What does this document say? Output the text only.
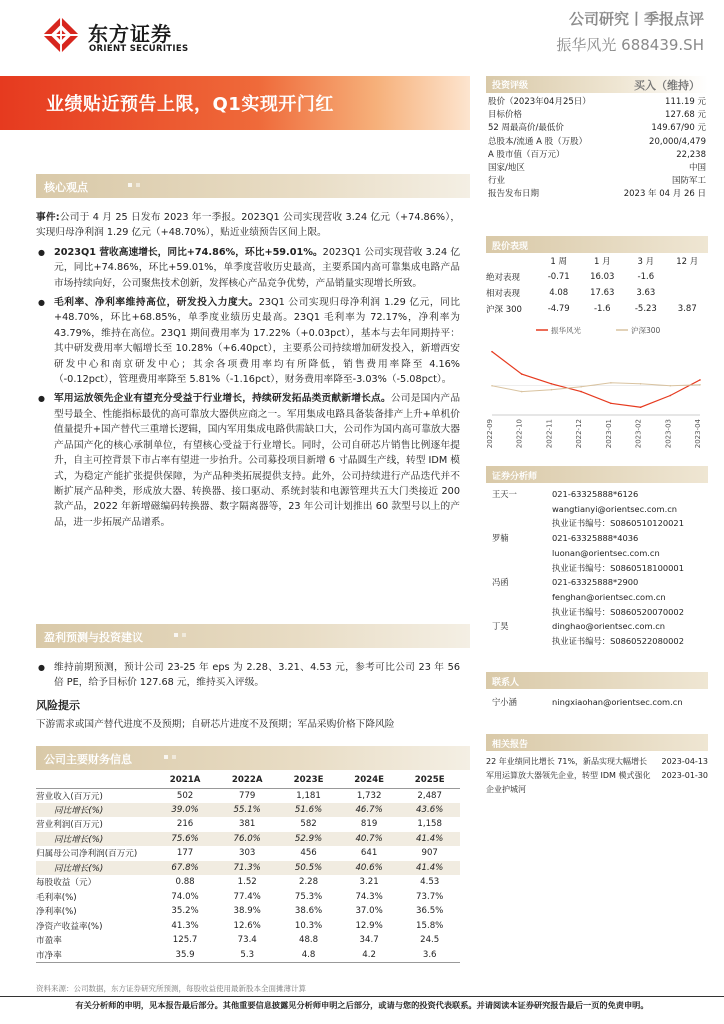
东方证券
ORIENT SECURITIES
公司研究丨季报点评
振华风光 688439.SH
业绩贴近预告上限，Q1实现开门红
核心观点

事件:公司于 4 月 25 日发布 2023 年一季报。2023Q1 公司实现营收 3.24 亿元（+74.86%），实现归母净利润 1.29 亿元（+48.70%），贴近业绩预告区间上限。

● 2023Q1 营收高速增长，同比+74.86%，环比+59.01%。2023Q1 公司实现营收 3.24 亿元，同比+74.86%，环比+59.01%，单季度营收历史最高，主要系国内高可靠集成电路产品市场持续向好，公司聚焦技术创新，发挥核心产品竞争优势，产品销量实现增长所致。

● 毛利率、净利率维持高位，研发投入力度大。23Q1 公司实现归母净利润 1.29 亿元，同比+48.70%，环比+68.85%，单季度业绩历史最高。23Q1 毛利率为 72.17%，净利率为 43.79%，维持在高位。23Q1 期间费用率为 17.22%（+0.03pct），基本与去年同期持平：其中研发费用率大幅增长至 10.28%（+6.40pct），主要系公司持续增加研发投入，新增西安研发中心和南京研发中心；其余各项费用率均有所降低，销售费用率降至 4.16%（-0.12pct），管理费用率降至 5.81%（-1.16pct），财务费用率降至-3.03%（-5.08pct）。

● 军用运放领先企业有望充分受益于行业增长，持续研发拓品类贡献新增长点。公司是国内产品型号最全、性能指标最优的高可靠放大器供应商之一。军用集成电路具备装备排产上升+单机价值量提升+国产替代三重增长逻辑，国内军用集成电路供需缺口大，公司作为国内高可靠放大器产品国产化的核心承制单位，有望核心受益于行业增长。同时，公司自研芯片销售比例逐年提升，自主可控背景下市占率有望进一步抬升。公司募投项目新增 6 寸晶圆生产线，转型 IDM 模式，为稳定产能扩张提供保障，为产品种类拓展提供支持。此外，公司持续进行产品迭代并不断扩展产品种类，形成放大器、转换器、接口驱动、系统封装和电源管理共五大门类接近 200 款产品，2022 年新增磁编码转换器、数字隔离器等，23 年公司计划推出 60 款型号以上的产品，进一步拓展产品谱系。

盈利预测与投资建议

● 维持前期预测，预计公司 23-25 年 eps 为 2.28、3.21、4.53 元，参考可比公司 23 年 56 倍 PE，给予目标价 127.68 元，维持买入评级。

风险提示
下游需求或国产替代进度不及预期；自研芯片进度不及预期；军品采购价格下降风险
公司主要财务信息
	2021A	2022A	2023E	2024E	2025E
营业收入(百万元)	502	779	1,181	1,732	2,487
同比增长(%)	39.0%	55.1%	51.6%	46.7%	43.6%
营业利润(百万元)	216	381	582	819	1,158
同比增长(%)	75.6%	76.0%	52.9%	40.7%	41.4%
归属母公司净利润(百万元)	177	303	456	641	907
同比增长(%)	67.8%	71.3%	50.5%	40.6%	41.4%
每股收益（元）	0.88	1.52	2.28	3.21	4.53
毛利率(%)	74.0%	77.4%	75.3%	74.3%	73.7%
净利率(%)	35.2%	38.9%	38.6%	37.0%	36.5%
净资产收益率(%)	41.3%	12.6%	10.3%	12.9%	15.8%
市盈率	125.7	73.4	48.8	34.7	24.5
市净率	35.9	5.3	4.8	4.2	3.6
资料来源：公司数据，东方证券研究所预测，每股收益使用最新股本全面摊薄计算
有关分析师的申明，见本报告最后部分。其他重要信息披露见分析师申明之后部分，或请与您的投资代表联系。并请阅读本证券研究报告最后一页的免责申明。
投资评级	买入（维持）
股价（2023年04月25日）	111.19 元
目标价格	127.68 元
52 周最高价/最低价	149.67/90 元
总股本/流通 A 股（万股）	20,000/4,479
A 股市值（百万元）	22,238
国家/地区	中国
行业	国防军工
报告发布日期	2023 年 04 月 26 日
股价表现
	1 周	1 月	3 月	12 月
绝对表现	-0.71	16.03	-1.6	
相对表现	4.08	17.63	3.63	
沪深 300	-4.79	-1.6	-5.23	3.87
振华风光	沪深300
2022-09	2022-10	2022-11	2022-12	2023-01	2023-02	2023-03	2023-04
证券分析师
王天一	021-63325888*6126
wangtianyi@orientsec.com.cn
执业证书编号：S0860510120021
罗楠	021-63325888*4036
luonan@orientsec.com.cn
执业证书编号：S0860518100001
冯函	021-63325888*2900
fenghan@orientsec.com.cn
执业证书编号：S0860520070002
丁昊	dinghao@orientsec.com.cn
执业证书编号：S0860522080002
联系人
宁小涵	ningxiaohan@orientsec.com.cn
相关报告
22 年业绩同比增长 71%，新品实现大幅增长	2023-04-13
军用运算放大器领先企业，转型 IDM 模式强化企业护城河
2023-01-30
